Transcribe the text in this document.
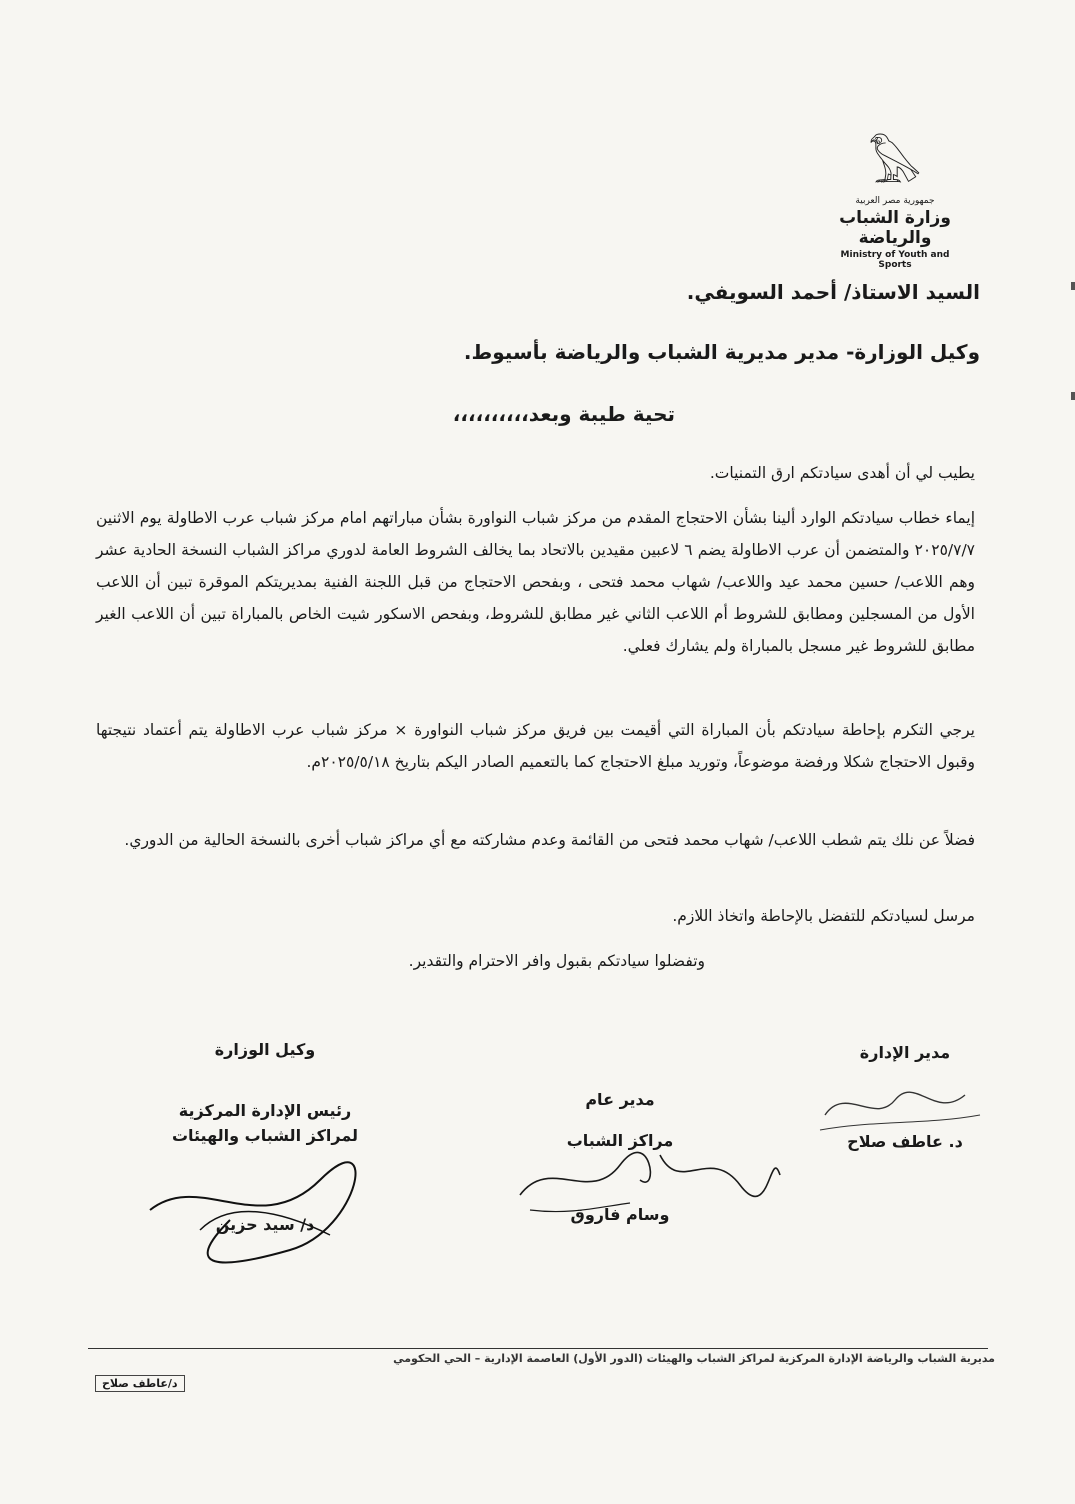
𓅃
جمهورية مصر العربية
وزارة الشباب والرياضة
Ministry of Youth and Sports
السيد الاستاذ/ أحمد السويفي.
وكيل الوزارة- مدير مديرية الشباب والرياضة بأسيوط.
تحية طيبة وبعد،،،،،،،،،،
يطيب لي أن أهدى سيادتكم ارق التمنيات.
إيماء خطاب سيادتكم الوارد ألينا بشأن الاحتجاج المقدم من مركز شباب النواورة بشأن مباراتهم امام مركز شباب عرب الاطاولة يوم الاثنين ٢٠٢٥/٧/٧ والمتضمن أن عرب الاطاولة يضم ٦ لاعبين مقيدين بالاتحاد بما يخالف الشروط العامة لدوري مراكز الشباب النسخة الحادية عشر وهم اللاعب/ حسين محمد عيد واللاعب/ شهاب محمد فتحى ، وبفحص الاحتجاج من قبل اللجنة الفنية بمديريتكم الموقرة تبين أن اللاعب الأول من المسجلين ومطابق للشروط أم اللاعب الثاني غير مطابق للشروط، وبفحص الاسكور شيت الخاص بالمباراة تبين أن اللاعب الغير مطابق للشروط غير مسجل بالمباراة ولم يشارك فعلي.
يرجي التكرم بإحاطة سيادتكم بأن المباراة التي أقيمت بين فريق مركز شباب النواورة × مركز شباب عرب الاطاولة يتم أعتماد نتيجتها وقبول الاحتجاج شكلا ورفضة موضوعاً، وتوريد مبلغ الاحتجاج كما بالتعميم الصادر اليكم بتاريخ ٢٠٢٥/٥/١٨م.
فضلاً عن نلك يتم شطب اللاعب/ شهاب محمد فتحى من القائمة وعدم مشاركته مع أي مراكز شباب أخرى بالنسخة الحالية من الدوري.
مرسل لسيادتكم للتفضل بالإحاطة واتخاذ اللازم.
وتفضلوا سيادتكم بقبول وافر الاحترام والتقدير.
وكيل الوزارة
رئيس الإدارة المركزية
لمراكز الشباب والهيئات
د/ سيد حزين
مدير عام
مراكز الشباب
وسام فاروق
مدير الإدارة
د. عاطف صلاح
مديرية الشباب والرياضة الإدارة المركزية لمراكز الشباب والهيئات (الدور الأول) العاصمة الإدارية – الحي الحكومي
د/عاطف صلاح
